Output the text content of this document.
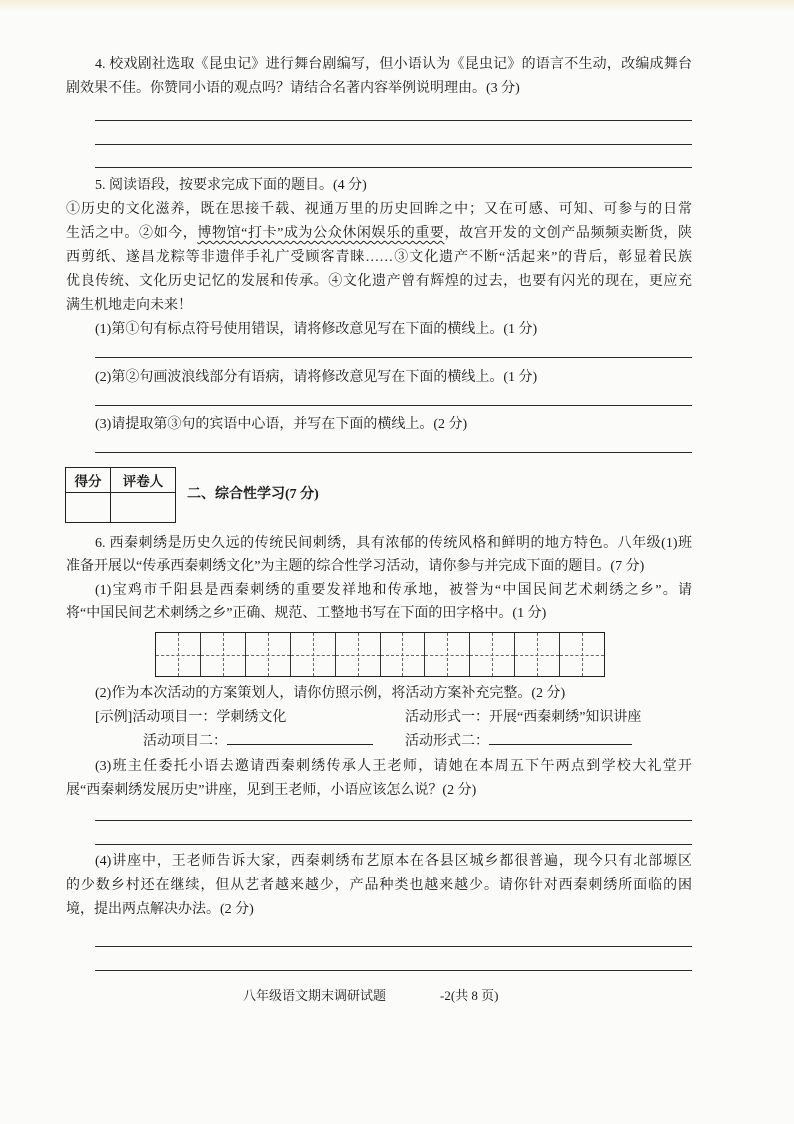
4. 校戏剧社选取《昆虫记》进行舞台剧编写，但小语认为《昆虫记》的语言不生动，改编成舞台
剧效果不佳。你赞同小语的观点吗？请结合名著内容举例说明理由。(3 分)
5. 阅读语段，按要求完成下面的题目。(4 分)
①历史的文化滋养，既在思接千载、视通万里的历史回眸之中；又在可感、可知、可参与的日常
生活之中。②如今，博物馆“打卡”成为公众休闲娱乐的重要，故宫开发的文创产品频频卖断货，陕
西剪纸、遂昌龙粽等非遗伴手礼广受顾客青睐……③文化遗产不断“活起来”的背后，彰显着民族
优良传统、文化历史记忆的发展和传承。④文化遗产曾有辉煌的过去，也要有闪光的现在，更应充
满生机地走向未来！
(1)第①句有标点符号使用错误，请将修改意见写在下面的横线上。(1 分)
(2)第②句画波浪线部分有语病，请将修改意见写在下面的横线上。(1 分)
(3)请提取第③句的宾语中心语，并写在下面的横线上。(2 分)
得分	评卷人

二、综合性学习(7 分)
6. 西秦刺绣是历史久远的传统民间刺绣，具有浓郁的传统风格和鲜明的地方特色。八年级(1)班
准备开展以“传承西秦刺绣文化”为主题的综合性学习活动，请你参与并完成下面的题目。(7 分)
(1)宝鸡市千阳县是西秦刺绣的重要发祥地和传承地，被誉为“中国民间艺术刺绣之乡”。请
将“中国民间艺术刺绣之乡”正确、规范、工整地书写在下面的田字格中。(1 分)
(2)作为本次活动的方案策划人，请你仿照示例，将活动方案补充完整。(2 分)
[示例]活动项目一：学刺绣文化	活动形式一：开展“西秦刺绣”知识讲座
活动项目二：	活动形式二：
(3)班主任委托小语去邀请西秦刺绣传承人王老师，请她在本周五下午两点到学校大礼堂开
展“西秦刺绣发展历史”讲座，见到王老师，小语应该怎么说？(2 分)
(4)讲座中，王老师告诉大家，西秦刺绣布艺原本在各县区城乡都很普遍，现今只有北部塬区
的少数乡村还在继续，但从艺者越来越少，产品种类也越来越少。请你针对西秦刺绣所面临的困
境，提出两点解决办法。(2 分)
八年级语文期末调研试题	-2(共 8 页)
